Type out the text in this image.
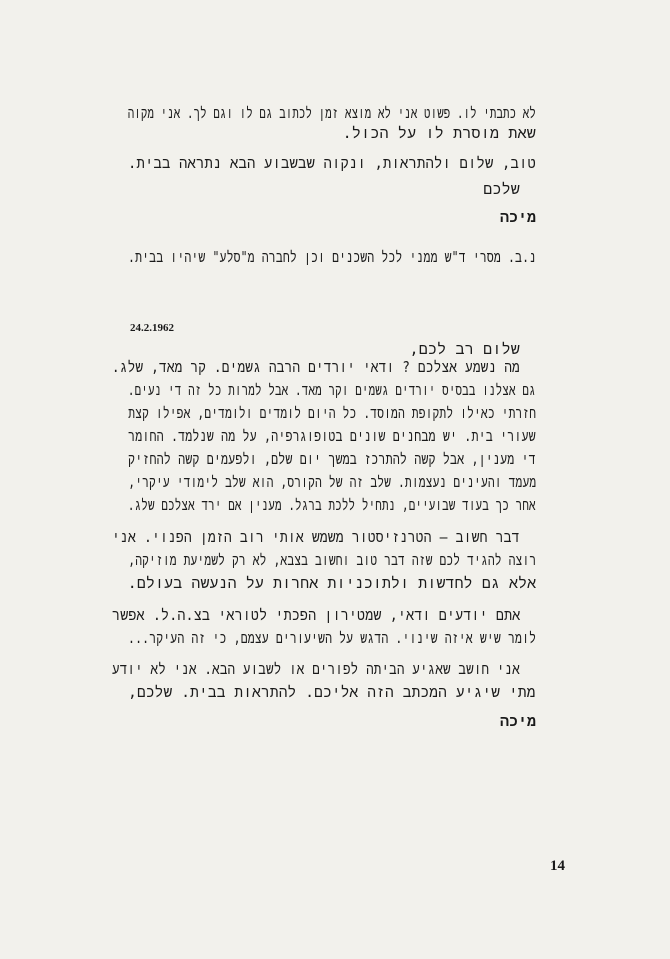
לא כתבתי לו. פשוט אני לא מוצא זמן לכתוב גם לו וגם לך. אני מקוה
שאת מוסרת לו על הכול.
טוב, שלום ולהתראות, ונקוה שבשבוע הבא נתראה בבית.
שלכם
מיכה
נ.ב. מסרי ד"ש ממני לכל השכנים וכן לחברה מ"סלע" שיהיו בבית.
24.2.1962
שלום רב לכם,
מה נשמע אצלכם ? ודאי יורדים הרבה גשמים. קר מאד, שלג.
גם אצלנו בבסיס יורדים גשמים וקר מאד. אבל למרות כל זה די נעים.
חזרתי כאילו לתקופת המוסד. כל היום לומדים ולומדים, אפילו קצת
שעורי בית. יש מבחנים שונים בטופוגרפיה, על מה שנלמד. החומר
די מענין, אבל קשה להתרכז במשך יום שלם, ולפעמים קשה להחזיק
מעמד והעינים נעצמות. שלב זה של הקורס, הוא שלב לימודי עיקרי,
אחר כך בעוד שבועיים, נתחיל ללכת ברגל. מענין אם ירד אצלכם שלג.
דבר חשוב — הטרנזיסטור משמש אותי רוב הזמן הפנוי. אני
רוצה להגיד לכם שזה דבר טוב וחשוב בצבא, לא רק לשמיעת מוזיקה,
אלא גם לחדשות ולתוכניות אחרות על הנעשה בעולם.
אתם יודעים ודאי, שמטירון הפכתי לטוראי בצ.ה.ל. אפשר
לומר שיש איזה שינוי. הדגש על השיעורים עצמם, כי זה העיקר...
אני חושב שאגיע הביתה לפורים או לשבוע הבא. אני לא יודע
מתי שיגיע המכתב הזה אליכם. להתראות בבית. שלכם,
מיכה
14
